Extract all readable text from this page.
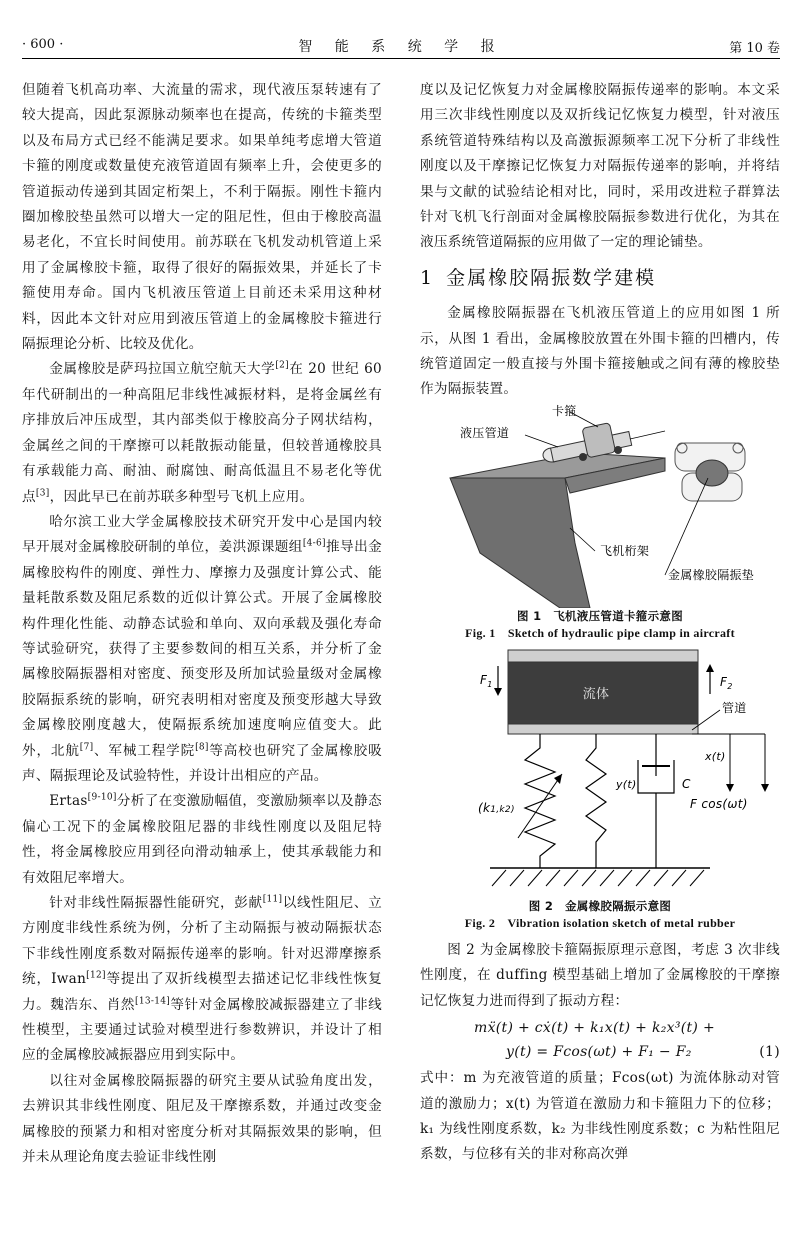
· 600 ·	智 能 系 统 学 报	第 10 卷

但随着飞机高功率、大流量的需求，现代液压泵转速有了较大提高，因此泵源脉动频率也在提高，传统的卡箍类型以及布局方式已经不能满足要求。如果单纯考虑增大管道卡箍的刚度或数量使充液管道固有频率上升，会使更多的管道振动传递到其固定桁架上，不利于隔振。刚性卡箍内圈加橡胶垫虽然可以增大一定的阻尼性，但由于橡胶高温易老化，不宜长时间使用。前苏联在飞机发动机管道上采用了金属橡胶卡箍，取得了很好的隔振效果，并延长了卡箍使用寿命。国内飞机液压管道上目前还未采用这种材料，因此本文针对应用到液压管道上的金属橡胶卡箍进行隔振理论分析、比较及优化。

金属橡胶是萨玛拉国立航空航天大学[2]在 20 世纪 60 年代研制出的一种高阻尼非线性减振材料，是将金属丝有序排放后冲压成型，其内部类似于橡胶高分子网状结构，金属丝之间的干摩擦可以耗散振动能量，但较普通橡胶具有承载能力高、耐油、耐腐蚀、耐高低温且不易老化等优点[3]，因此早已在前苏联多种型号飞机上应用。

哈尔滨工业大学金属橡胶技术研究开发中心是国内较早开展对金属橡胶研制的单位，姜洪源课题组[4-6]推导出金属橡胶构件的刚度、弹性力、摩擦力及强度计算公式、能量耗散系数及阻尼系数的近似计算公式。开展了金属橡胶构件理化性能、动静态试验和单向、双向承载及强化寿命等试验研究，获得了主要参数间的相互关系，并分析了金属橡胶隔振器相对密度、预变形及所加试验量级对金属橡胶隔振系统的影响，研究表明相对密度及预变形越大导致金属橡胶刚度越大，使隔振系统加速度响应值变大。此外，北航[7]、军械工程学院[8]等高校也研究了金属橡胶吸声、隔振理论及试验特性，并设计出相应的产品。

Ertas[9-10]分析了在变激励幅值，变激励频率以及静态偏心工况下的金属橡胶阻尼器的非线性刚度以及阻尼特性，将金属橡胶应用到径向滑动轴承上，使其承载能力和有效阻尼率增大。

针对非线性隔振器性能研究，彭献[11]以线性阻尼、立方刚度非线性系统为例，分析了主动隔振与被动隔振状态下非线性刚度系数对隔振传递率的影响。针对迟滞摩擦系统，Iwan[12]等提出了双折线模型去描述记忆非线性恢复力。魏浩东、肖然[13-14]等针对金属橡胶减振器建立了非线性模型，主要通过试验对模型进行参数辨识，并设计了相应的金属橡胶减振器应用到实际中。

以往对金属橡胶隔振器的研究主要从试验角度出发，去辨识其非线性刚度、阻尼及干摩擦系数，并通过改变金属橡胶的预紧力和相对密度分析对其隔振效果的影响，但并未从理论角度去验证非线性刚

度以及记忆恢复力对金属橡胶隔振传递率的影响。本文采用三次非线性刚度以及双折线记忆恢复力模型，针对液压系统管道特殊结构以及高激振源频率工况下分析了非线性刚度以及干摩擦记忆恢复力对隔振传递率的影响，并将结果与文献的试验结论相对比，同时，采用改进粒子群算法针对飞机飞行剖面对金属橡胶隔振参数进行优化，为其在液压系统管道隔振的应用做了一定的理论铺垫。

1 金属橡胶隔振数学建模

金属橡胶隔振器在飞机液压管道上的应用如图 1 所示，从图 1 看出，金属橡胶放置在外围卡箍的凹槽内，传统管道固定一般直接与外围卡箍接触或之间有薄的橡胶垫作为隔振装置。

卡箍
液压管道
飞机桁架
金属橡胶隔振垫
图 1　飞机液压管道卡箍示意图
Fig. 1　Sketch of hydraulic pipe clamp in aircraft
流体
$F_1$	$F_2$
管道
x(t)
F cos(ωt)
(k1,k2)
y(t)	C
图 2　金属橡胶隔振示意图
Fig. 2　Vibration isolation sketch of metal rubber

图 2 为金属橡胶卡箍隔振原理示意图，考虑 3 次非线性刚度，在 duffing 模型基础上增加了金属橡胶的干摩擦记忆恢复力进而得到了振动方程：

mẍ(t) + cẋ(t) + k₁x(t) + k₂x³(t) +
y(t) = Fcos(ωt) + F₁ − F₂	(1)

式中：m 为充液管道的质量；Fcos(ωt) 为流体脉动对管道的激励力；x(t) 为管道在激励力和卡箍阻力下的位移；k₁ 为线性刚度系数，k₂ 为非线性刚度系数；c 为粘性阻尼系数，与位移有关的非对称高次弹
